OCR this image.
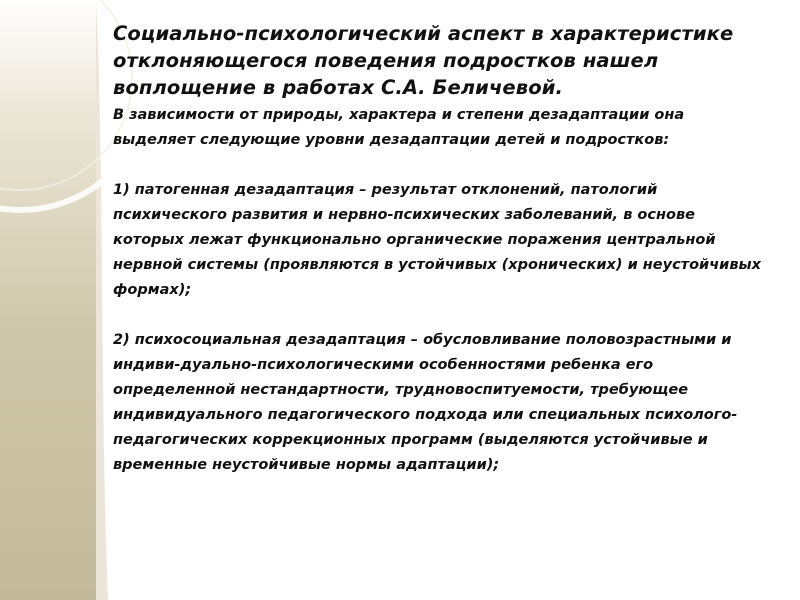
Социально-психологический аспект в характеристике отклоняющегося поведения подростков нашел воплощение в работах С.А. Беличевой.

В зависимости от природы, характера и степени дезадаптации она выделяет следующие уровни дезадаптации детей и подростков:

1) патогенная дезадаптация – результат отклонений, патологий психического развития и нервно-психических заболеваний, в основе которых лежат функционально органические поражения центральной нервной системы (проявляются в устойчивых (хронических) и неустойчивых формах);

2) психосоциальная дезадаптация – обусловливание половозрастными и индиви-дуально-психологическими особенностями ребенка его определенной нестандартности, трудновоспитуемости, требующее индивидуального педагогического подхода или специальных психолого-педагогических коррекционных программ (выделяются устойчивые и временные неустойчивые нормы адаптации);
